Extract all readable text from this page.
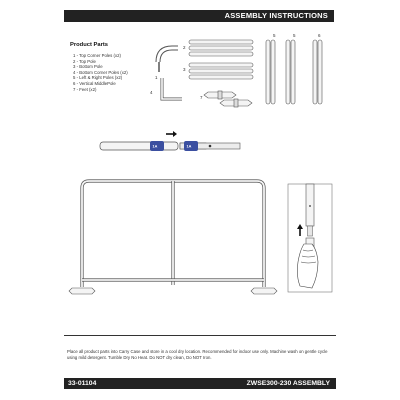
ASSEMBLY INSTRUCTIONS
Product Parts
1 - Top Corner Poles (x2)
2 - Top Pole
3 - Bottom Pole
4 - Bottom Corner Poles (x2)
5 - Left & Right Poles (x2)
6 - Vertical MiddlePole
7 - Feet (x2)
1
4
2
3
7
5	5	6
1A	1A

Place all product parts into Carry Case and store in a cool dry location. Recommended for indoor use only. Machine wash on gentle cycle using mild detergent. Tumble Dry No Heat. Do NOT dry clean, Do NOT Iron.

33-01104	ZWSE300-230 ASSEMBLY
